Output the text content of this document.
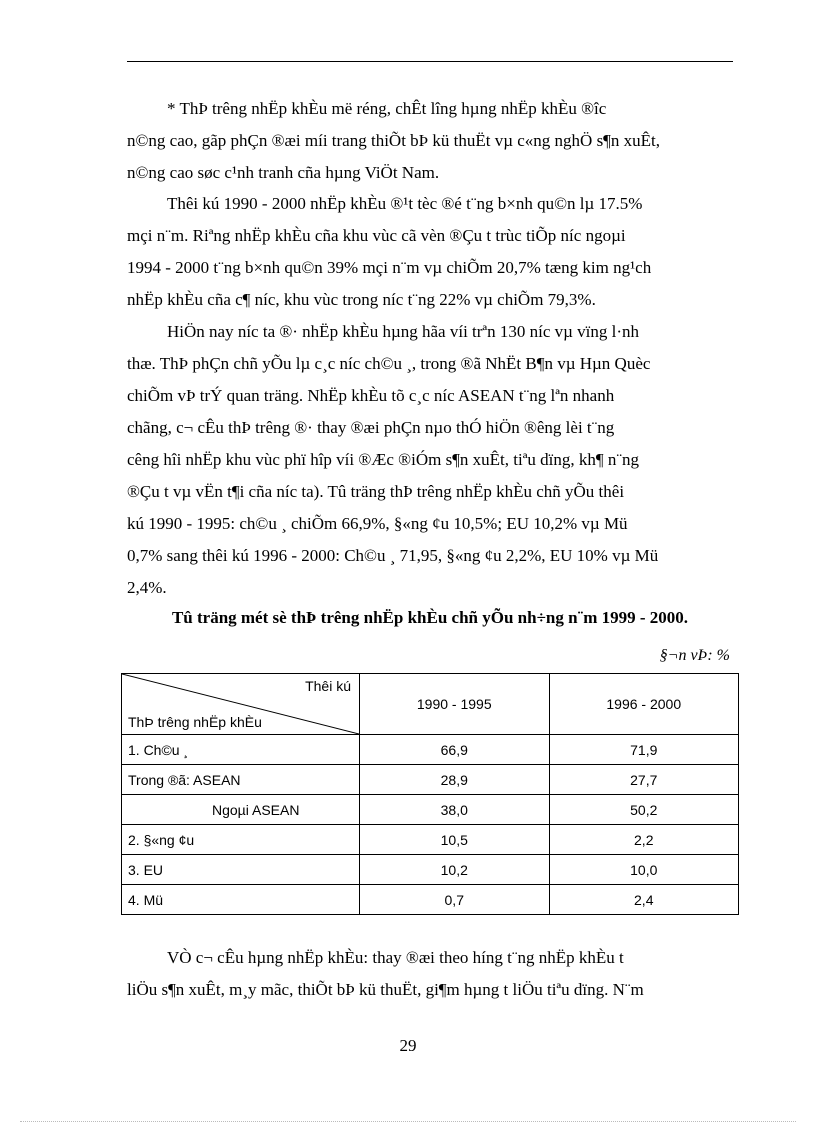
* ThÞ trêng nhËp khÈu më réng, chÊt lîng hµng nhËp khÈu ®îc
n©ng cao, gãp phÇn ®æi míi trang thiÕt bÞ kü thuËt vµ c«ng nghÖ s¶n xuÊt,
n©ng cao søc c¹nh tranh cña hµng ViÖt Nam.
Thêi kú 1990 - 2000 nhËp khÈu ®¹t tèc ®é t¨ng b×nh qu©n lµ 17.5%
mçi n¨m. Riªng nhËp khÈu cña khu vùc cã vèn ®Çu t trùc tiÕp níc ngoµi
1994 - 2000 t¨ng b×nh qu©n 39% mçi n¨m vµ chiÕm 20,7% tæng kim ng¹ch
nhËp khÈu cña c¶ níc, khu vùc trong níc t¨ng 22% vµ chiÕm 79,3%.
HiÖn nay níc ta ®· nhËp khÈu hµng hãa víi trªn 130 níc vµ vïng l·nh
thæ. ThÞ phÇn chñ yÕu lµ c¸c níc ch©u ¸, trong ®ã NhËt B¶n vµ Hµn Quèc
chiÕm vÞ trÝ quan träng. NhËp khÈu tõ c¸c níc ASEAN t¨ng lªn nhanh
chãng, c¬ cÊu thÞ trêng ®· thay ®æi phÇn nµo thÓ hiÖn ®êng lèi t¨ng
cêng hîi nhËp khu vùc phï hîp víi ®Æc ®iÓm s¶n xuÊt, tiªu dïng, kh¶ n¨ng
®Çu t vµ vËn t¶i cña níc ta). Tû träng thÞ trêng nhËp khÈu chñ yÕu thêi
kú 1990 - 1995: ch©u ¸ chiÕm 66,9%, §«ng ¢u 10,5%; EU 10,2% vµ Mü
0,7% sang thêi kú 1996 - 2000: Ch©u ¸ 71,95, §«ng ¢u 2,2%, EU 10% vµ Mü
2,4%.
VÒ c¬ cÊu hµng nhËp khÈu: thay ®æi theo híng t¨ng nhËp khÈu t
liÖu s¶n xuÊt, m¸y mãc, thiÕt bÞ kü thuËt, gi¶m hµng t liÖu tiªu dïng. N¨m
Tû träng mét sè thÞ trêng nhËp khÈu chñ yÕu nh÷ng n¨m 1999 - 2000.
§¬n vÞ: %
Thêi kú
ThÞ trêng nhËp khÈu	1990 - 1995	1996 - 2000
1. Ch©u ¸	66,9	71,9
Trong ®ã: ASEAN	28,9	27,7
Ngoµi ASEAN	38,0	50,2
2. §«ng ¢u	10,5	2,2
3. EU	10,2	10,0
4. Mü	0,7	2,4
29
